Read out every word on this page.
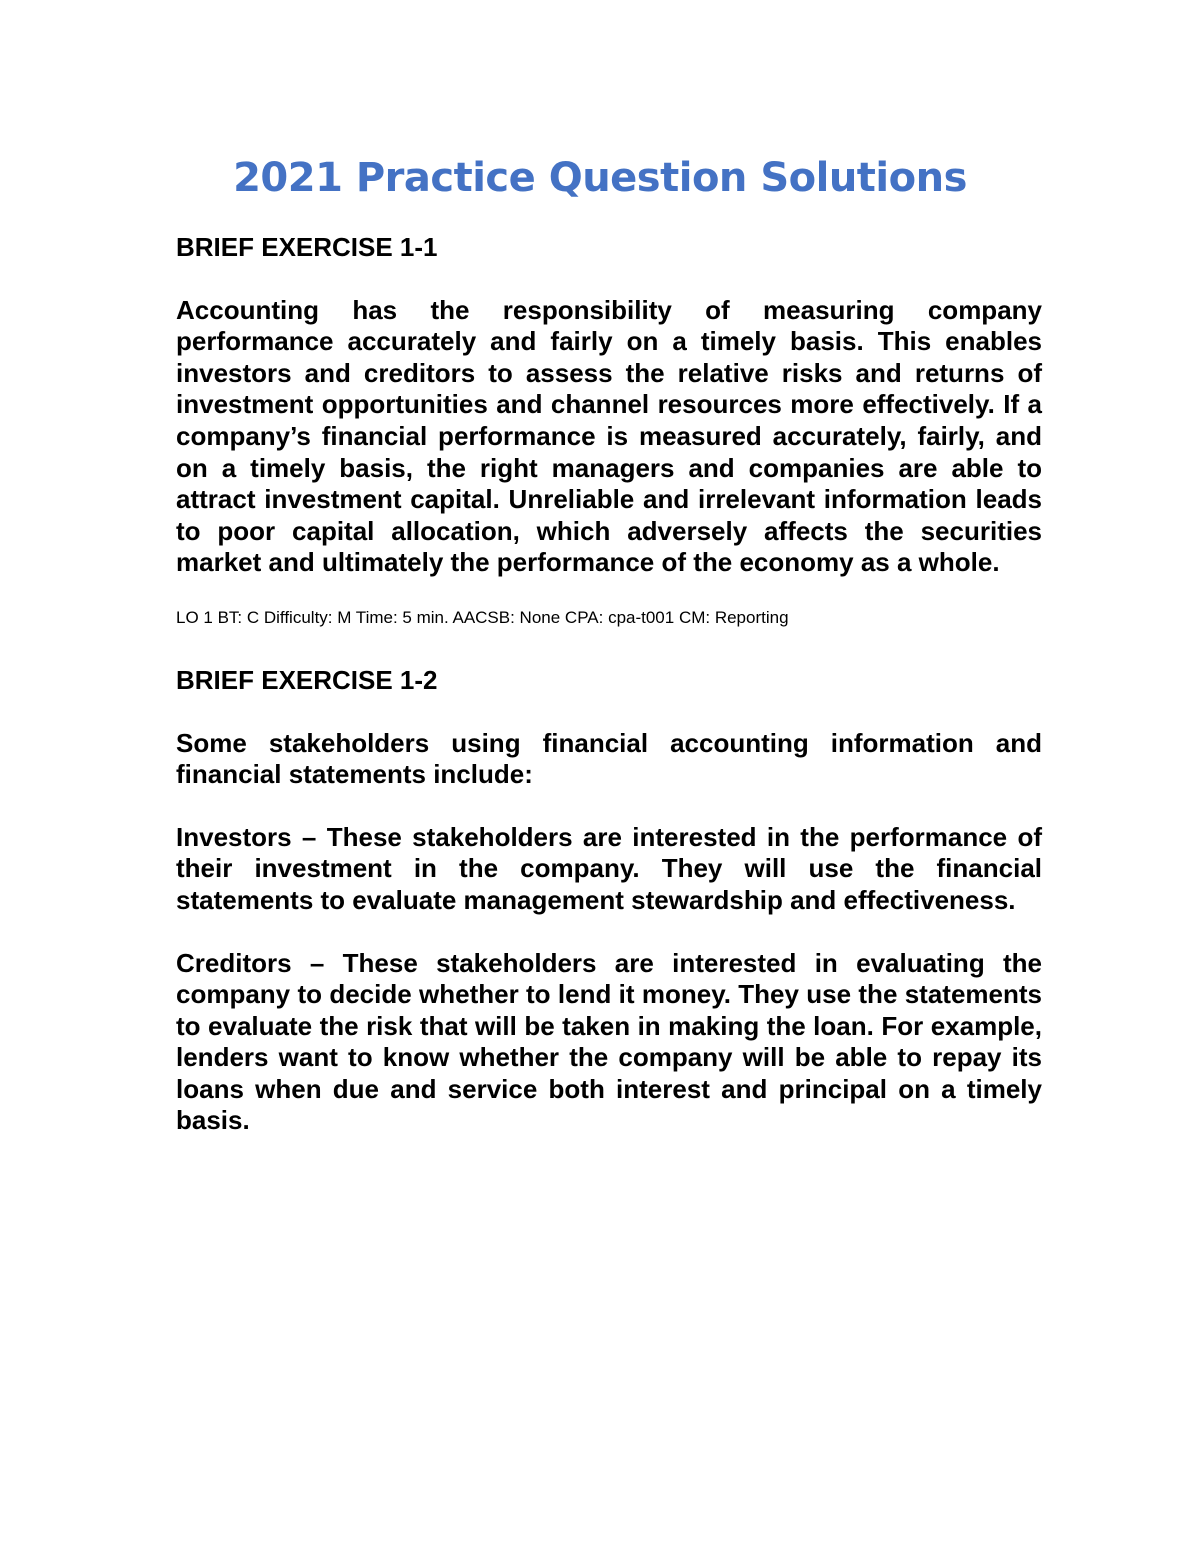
2021 Practice Question Solutions
BRIEF EXERCISE 1-1

Accounting has the responsibility of measuring company performance accurately and fairly on a timely basis. This enables investors and creditors to assess the relative risks and returns of investment opportunities and channel resources more effectively. If a company’s financial performance is measured accurately, fairly, and on a timely basis, the right managers and companies are able to attract investment capital. Unreliable and irrelevant information leads to poor capital allocation, which adversely affects the securities market and ultimately the performance of the economy as a whole.

LO 1 BT: C Difficulty: M Time: 5 min. AACSB: None CPA: cpa-t001 CM: Reporting

BRIEF EXERCISE 1-2

Some stakeholders using financial accounting information and financial statements include:

Investors – These stakeholders are interested in the performance of their investment in the company. They will use the financial statements to evaluate management stewardship and effectiveness.

Creditors – These stakeholders are interested in evaluating the company to decide whether to lend it money. They use the statements to evaluate the risk that will be taken in making the loan. For example, lenders want to know whether the company will be able to repay its loans when due and service both interest and principal on a timely basis.
